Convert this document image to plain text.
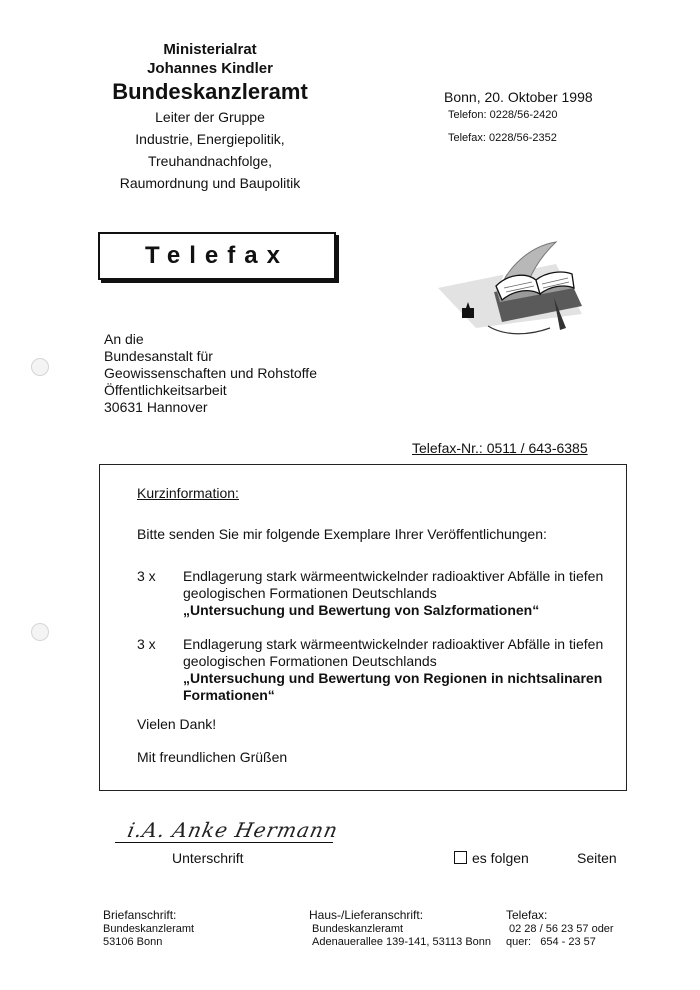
Ministerialrat
Johannes Kindler
Bundeskanzleramt
Leiter der Gruppe
Industrie, Energiepolitik,
Treuhandnachfolge,
Raumordnung und Baupolitik
Bonn, 20. Oktober 1998
Telefon: 0228/56-2420
Telefax: 0228/56-2352
Telefax
An die
Bundesanstalt für
Geowissenschaften und Rohstoffe
Öffentlichkeitsarbeit
30631 Hannover
Telefax-Nr.: 0511 / 643-6385
Kurzinformation:
Bitte senden Sie mir folgende Exemplare Ihrer Veröffentlichungen:
3 x	Endlagerung stark wärmeentwickelnder radioaktiver Abfälle in tiefen
geologischen Formationen Deutschlands
„Untersuchung und Bewertung von Salzformationen“
3 x	Endlagerung stark wärmeentwickelnder radioaktiver Abfälle in tiefen
geologischen Formationen Deutschlands
„Untersuchung und Bewertung von Regionen in nichtsalinaren Formationen“
Vielen Dank!
Mit freundlichen Grüßen
i.A. Anke Hermann
Unterschrift	es folgen	Seiten
Briefanschrift:
Bundeskanzleramt
53106 Bonn
Haus-/Lieferanschrift:
Bundeskanzleramt
Adenauerallee 139-141, 53113 Bonn
Telefax:
02 28 / 56 23 57 oder
quer:   654 - 23 57
